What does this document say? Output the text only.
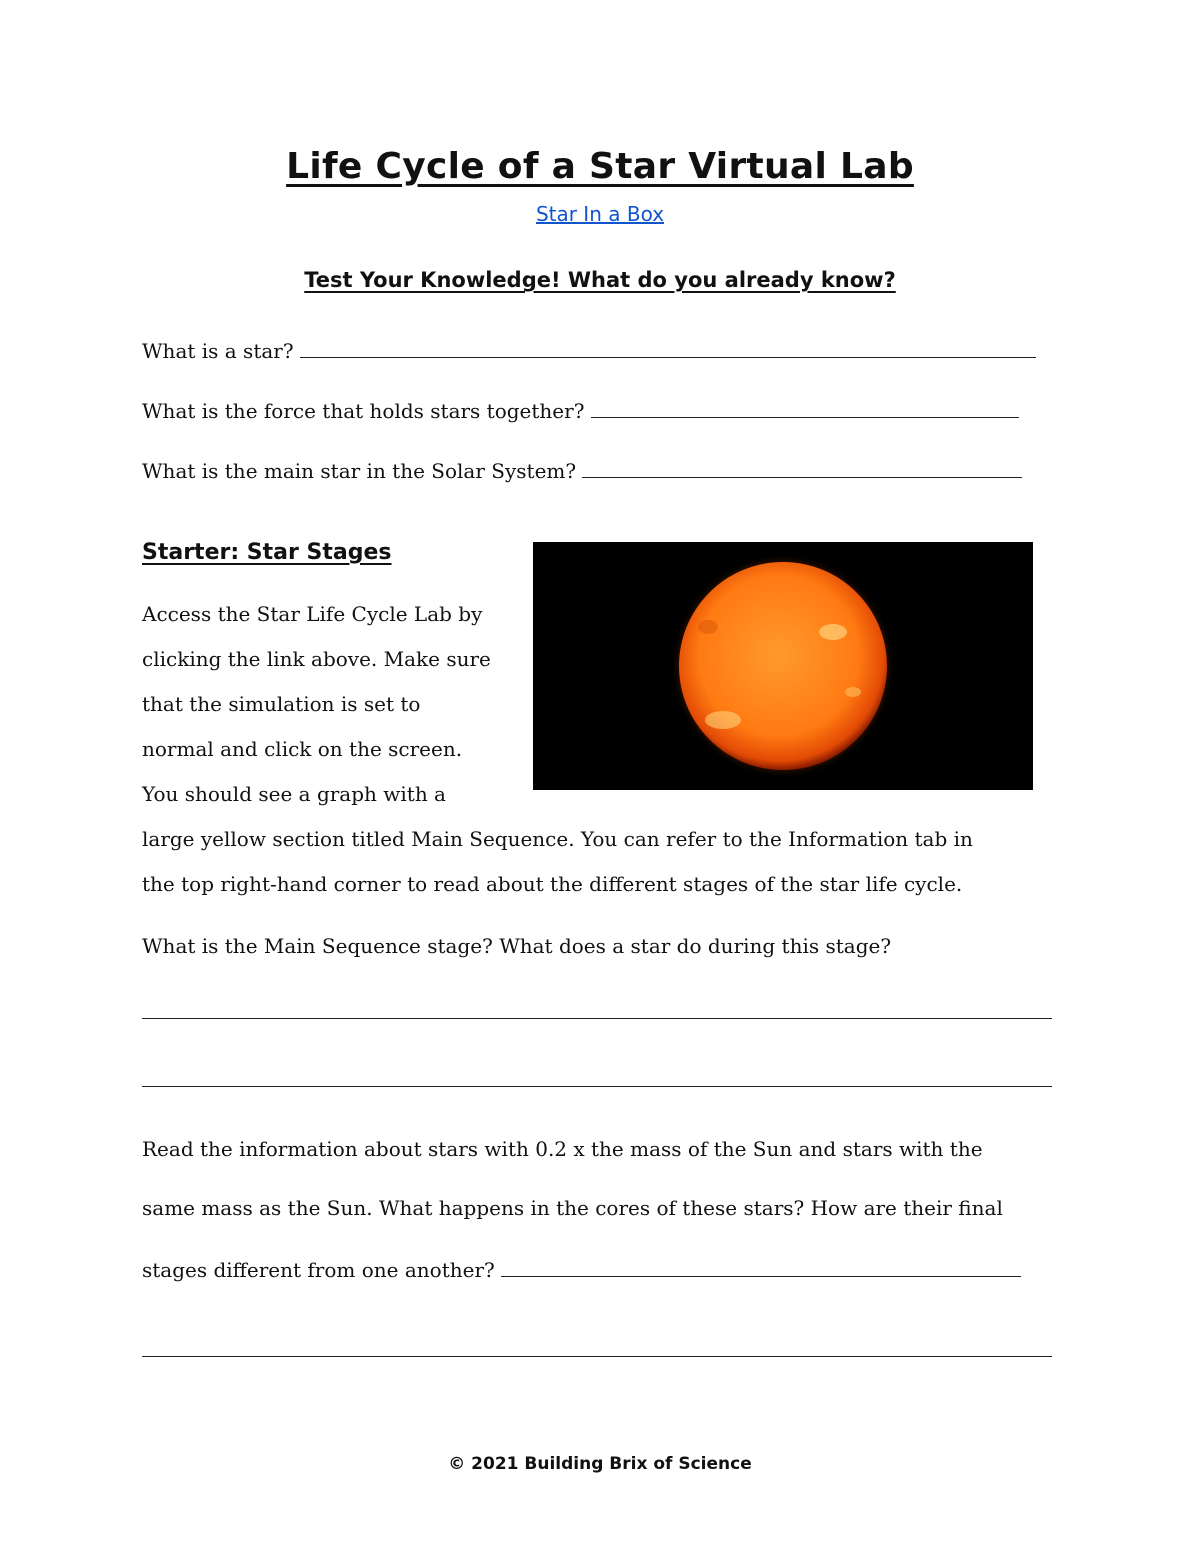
Life Cycle of a Star Virtual Lab
Star In a Box
Test Your Knowledge! What do you already know?
What is a star?
What is the force that holds stars together?
What is the main star in the Solar System?
Starter: Star Stages
Access the Star Life Cycle Lab by
clicking the link above. Make sure
that the simulation is set to
normal and click on the screen.
You should see a graph with a
large yellow section titled Main Sequence. You can refer to the Information tab in
the top right-hand corner to read about the different stages of the star life cycle.
What is the Main Sequence stage? What does a star do during this stage?
Read the information about stars with 0.2 x the mass of the Sun and stars with the
same mass as the Sun. What happens in the cores of these stars? How are their final
stages different from one another?
© 2021 Building Brix of Science
